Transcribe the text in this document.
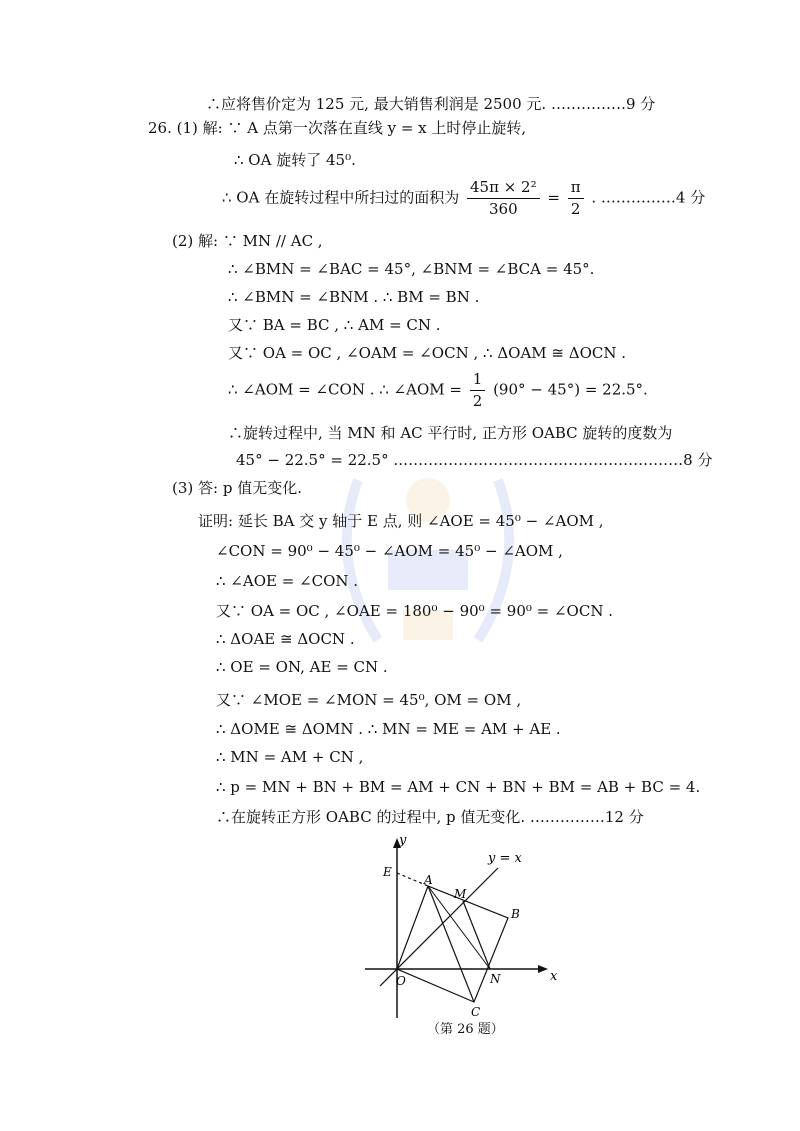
∴应将售价定为 125 元, 最大销售利润是 2500 元. ……………9 分
26. (1) 解: ∵ A 点第一次落在直线 y = x 上时停止旋转,
∴ OA 旋转了 45⁰.
∴ OA 在旋转过程中所扫过的面积为 $\frac{\text{45π × 2²}}{360} = \frac{\pi}{2}$ . ……………4 分
(2) 解: ∵ MN // AC ,
∴ ∠BMN = ∠BAC = 45°, ∠BNM = ∠BCA = 45°.
∴ ∠BMN = ∠BNM . ∴ BM = BN .
又∵ BA = BC , ∴ AM = CN .
又∵ OA = OC , ∠OAM = ∠OCN , ∴ ΔOAM ≅ ΔOCN .
∴ ∠AOM = ∠CON . ∴ ∠AOM = $\frac{1}{2} (90^\circ - 45^\circ) = 22.5^\circ$.
∴旋转过程中, 当 MN 和 AC 平行时, 正方形 OABC 旋转的度数为
45° − 22.5° = 22.5° .…………………………………………………8 分
(3) 答: p 值无变化.
证明: 延长 BA 交 y 轴于 E 点, 则 ∠AOE = 45⁰ − ∠AOM ,
∠CON = 90⁰ − 45⁰ − ∠AOM = 45⁰ − ∠AOM ,
∴ ∠AOE = ∠CON .
又∵ OA = OC , ∠OAE = 180⁰ − 90⁰ = 90⁰ = ∠OCN .
∴ ΔOAE ≅ ΔOCN .
∴ OE = ON, AE = CN .
又∵ ∠MOE = ∠MON = 45⁰, OM = OM ,
∴ ΔOME ≅ ΔOMN . ∴ MN = ME = AM + AE .
∴ MN = AM + CN ,
∴ p = MN + BN + BM = AM + CN + BN + BM = AB + BC = 4.
∴在旋转正方形 OABC 的过程中, p 值无变化. ……………12 分
y
x
y = x
E
A
M
B
O	N
C
（第 26 题）
